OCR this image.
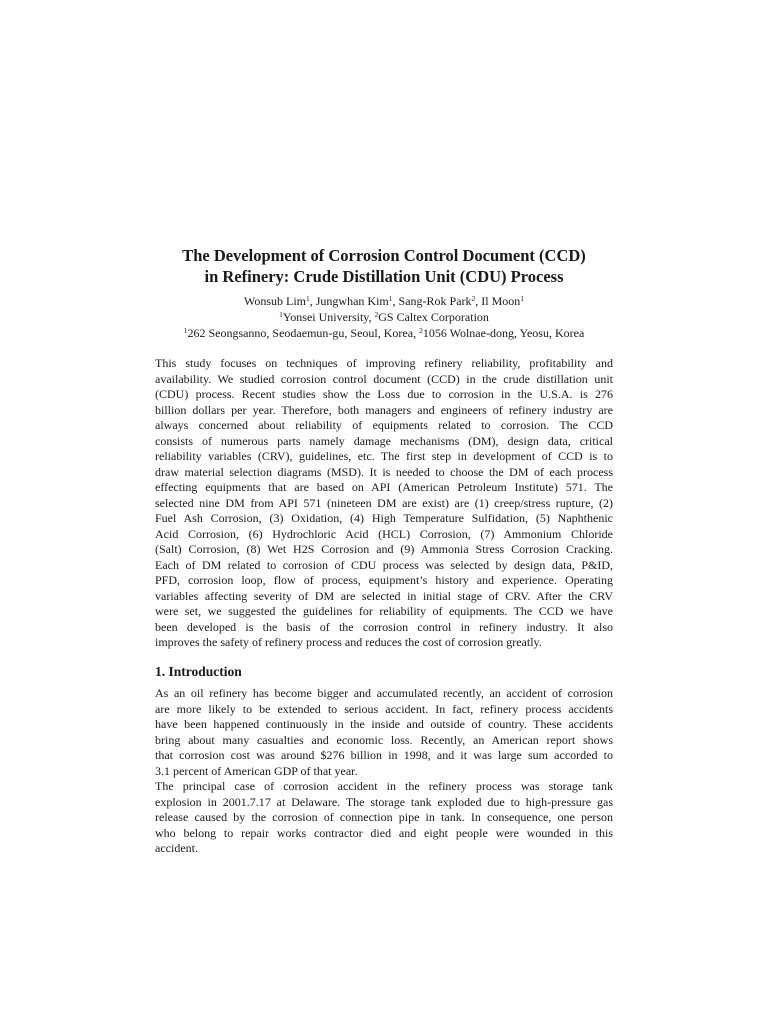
The Development of Corrosion Control Document (CCD)
in Refinery: Crude Distillation Unit (CDU) Process
Wonsub Lim$^1$, Jungwhan Kim$^1$, Sang-Rok Park$^2$, Il Moon$^1$
$^1$Yonsei University, $^2$GS Caltex Corporation
$^1$262 Seongsanno, Seodaemun-gu, Seoul, Korea, $^2$1056 Wolnae-dong, Yeosu, Korea
This study focuses on techniques of improving refinery reliability, profitability and
availability. We studied corrosion control document (CCD) in the crude distillation unit
(CDU) process. Recent studies show the Loss due to corrosion in the U.S.A. is 276
billion dollars per year. Therefore, both managers and engineers of refinery industry are
always concerned about reliability of equipments related to corrosion. The CCD
consists of numerous parts namely damage mechanisms (DM), design data, critical
reliability variables (CRV), guidelines, etc. The first step in development of CCD is to
draw material selection diagrams (MSD). It is needed to choose the DM of each process
effecting equipments that are based on API (American Petroleum Institute) 571. The
selected nine DM from API 571 (nineteen DM are exist) are (1) creep/stress rupture, (2)
Fuel Ash Corrosion, (3) Oxidation, (4) High Temperature Sulfidation, (5) Naphthenic
Acid Corrosion, (6) Hydrochloric Acid (HCL) Corrosion, (7) Ammonium Chloride
(Salt) Corrosion, (8) Wet H2S Corrosion and (9) Ammonia Stress Corrosion Cracking.
Each of DM related to corrosion of CDU process was selected by design data, P&ID,
PFD, corrosion loop, flow of process, equipment’s history and experience. Operating
variables affecting severity of DM are selected in initial stage of CRV. After the CRV
were set, we suggested the guidelines for reliability of equipments. The CCD we have
been developed is the basis of the corrosion control in refinery industry. It also
improves the safety of refinery process and reduces the cost of corrosion greatly.
1. Introduction
As an oil refinery has become bigger and accumulated recently, an accident of corrosion
are more likely to be extended to serious accident. In fact, refinery process accidents
have been happened continuously in the inside and outside of country. These accidents
bring about many casualties and economic loss. Recently, an American report shows
that corrosion cost was around $276 billion in 1998, and it was large sum accorded to
3.1 percent of American GDP of that year.
The principal case of corrosion accident in the refinery process was storage tank
explosion in 2001.7.17 at Delaware. The storage tank exploded due to high-pressure gas
release caused by the corrosion of connection pipe in tank. In consequence, one person
who belong to repair works contractor died and eight people were wounded in this
accident.
